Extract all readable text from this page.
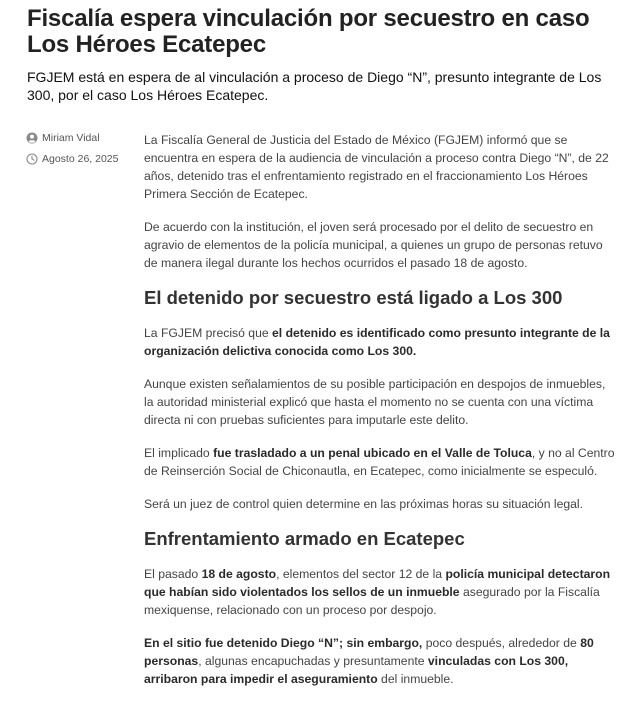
Fiscalía espera vinculación por secuestro en caso Los Héroes Ecatepec

FGJEM está en espera de al vinculación a proceso de Diego “N”, presunto integrante de Los 300, por el caso Los Héroes Ecatepec.

Miriam Vidal
Agosto 26, 2025

La Fiscalía General de Justicia del Estado de México (FGJEM) informó que se encuentra en espera de la audiencia de vinculación a proceso contra Diego “N”, de 22 años, detenido tras el enfrentamiento registrado en el fraccionamiento Los Héroes Primera Sección de Ecatepec.

De acuerdo con la institución, el joven será procesado por el delito de secuestro en agravio de elementos de la policía municipal, a quienes un grupo de personas retuvo de manera ilegal durante los hechos ocurridos el pasado 18 de agosto.

El detenido por secuestro está ligado a Los 300

La FGJEM precisó que el detenido es identificado como presunto integrante de la organización delictiva conocida como Los 300.

Aunque existen señalamientos de su posible participación en despojos de inmuebles, la autoridad ministerial explicó que hasta el momento no se cuenta con una víctima directa ni con pruebas suficientes para imputarle este delito.

El implicado fue trasladado a un penal ubicado en el Valle de Toluca, y no al Centro de Reinserción Social de Chiconautla, en Ecatepec, como inicialmente se especuló.

Será un juez de control quien determine en las próximas horas su situación legal.

Enfrentamiento armado en Ecatepec

El pasado 18 de agosto, elementos del sector 12 de la policía municipal detectaron que habían sido violentados los sellos de un inmueble asegurado por la Fiscalía mexiquense, relacionado con un proceso por despojo.

En el sitio fue detenido Diego “N”; sin embargo, poco después, alrededor de 80 personas, algunas encapuchadas y presuntamente vinculadas con Los 300, arribaron para impedir el aseguramiento del inmueble.
